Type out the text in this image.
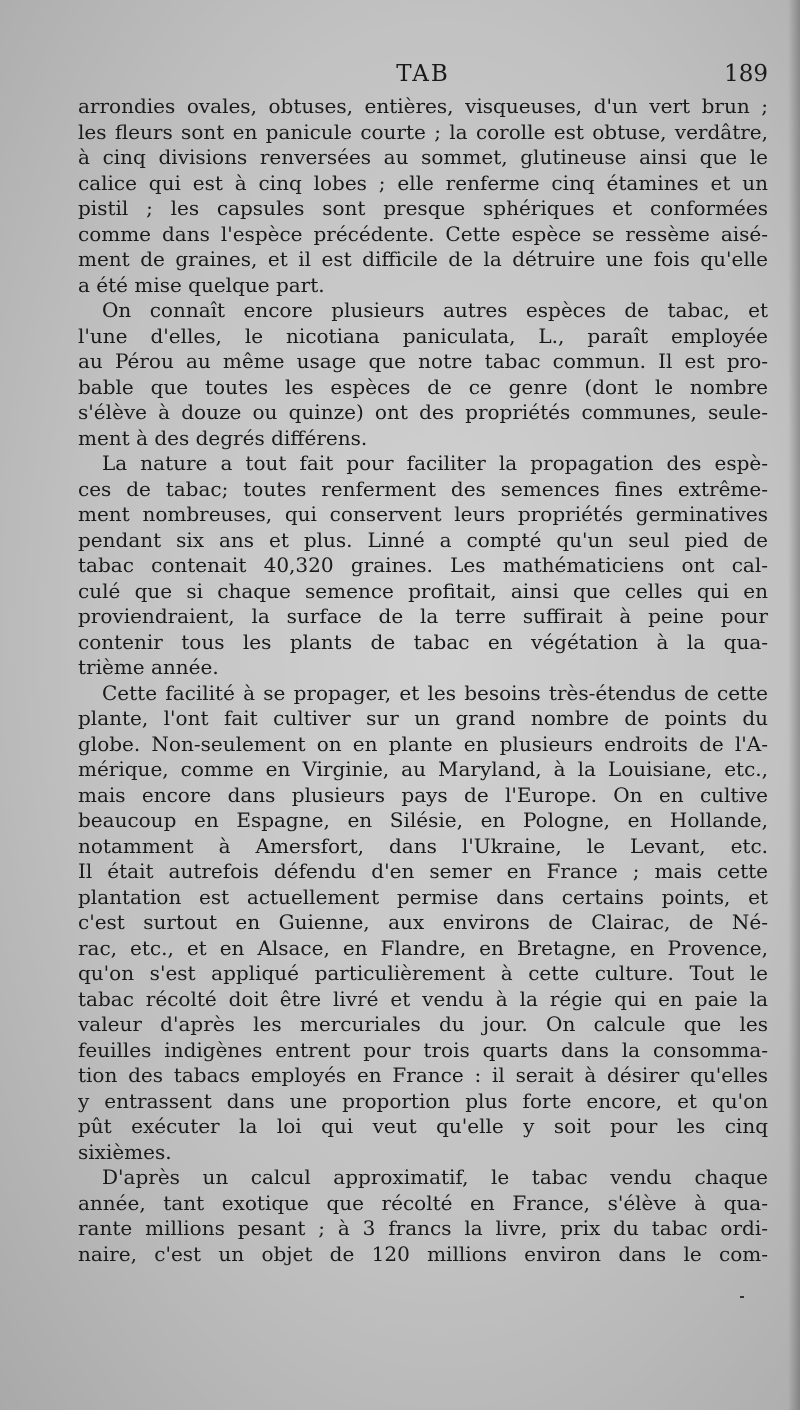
TAB	189
arrondies ovales, obtuses, entières, visqueuses, d'un vert brun ;
les fleurs sont en panicule courte ; la corolle est obtuse, verdâtre,
à cinq divisions renversées au sommet, glutineuse ainsi que le
calice qui est à cinq lobes ; elle renferme cinq étamines et un
pistil ; les capsules sont presque sphériques et conformées
comme dans l'espèce précédente. Cette espèce se ressème aisé-
ment de graines, et il est difficile de la détruire une fois qu'elle
a été mise quelque part.
On connaît encore plusieurs autres espèces de tabac, et
l'une d'elles, le nicotiana paniculata, L., paraît employée
au Pérou au même usage que notre tabac commun. Il est pro-
bable que toutes les espèces de ce genre (dont le nombre
s'élève à douze ou quinze) ont des propriétés communes, seule-
ment à des degrés différens.
La nature a tout fait pour faciliter la propagation des espè-
ces de tabac; toutes renferment des semences fines extrême-
ment nombreuses, qui conservent leurs propriétés germinatives
pendant six ans et plus. Linné a compté qu'un seul pied de
tabac contenait 40,320 graines. Les mathématiciens ont cal-
culé que si chaque semence profitait, ainsi que celles qui en
proviendraient, la surface de la terre suffirait à peine pour
contenir tous les plants de tabac en végétation à la qua-
trième année.
Cette facilité à se propager, et les besoins très-étendus de cette
plante, l'ont fait cultiver sur un grand nombre de points du
globe. Non-seulement on en plante en plusieurs endroits de l'A-
mérique, comme en Virginie, au Maryland, à la Louisiane, etc.,
mais encore dans plusieurs pays de l'Europe. On en cultive
beaucoup en Espagne, en Silésie, en Pologne, en Hollande,
notamment à Amersfort, dans l'Ukraine, le Levant, etc.
Il était autrefois défendu d'en semer en France ; mais cette
plantation est actuellement permise dans certains points, et
c'est surtout en Guienne, aux environs de Clairac, de Né-
rac, etc., et en Alsace, en Flandre, en Bretagne, en Provence,
qu'on s'est appliqué particulièrement à cette culture. Tout le
tabac récolté doit être livré et vendu à la régie qui en paie la
valeur d'après les mercuriales du jour. On calcule que les
feuilles indigènes entrent pour trois quarts dans la consomma-
tion des tabacs employés en France : il serait à désirer qu'elles
y entrassent dans une proportion plus forte encore, et qu'on
pût exécuter la loi qui veut qu'elle y soit pour les cinq
sixièmes.
D'après un calcul approximatif, le tabac vendu chaque
année, tant exotique que récolté en France, s'élève à qua-
rante millions pesant ; à 3 francs la livre, prix du tabac ordi-
naire, c'est un objet de 120 millions environ dans le com-
